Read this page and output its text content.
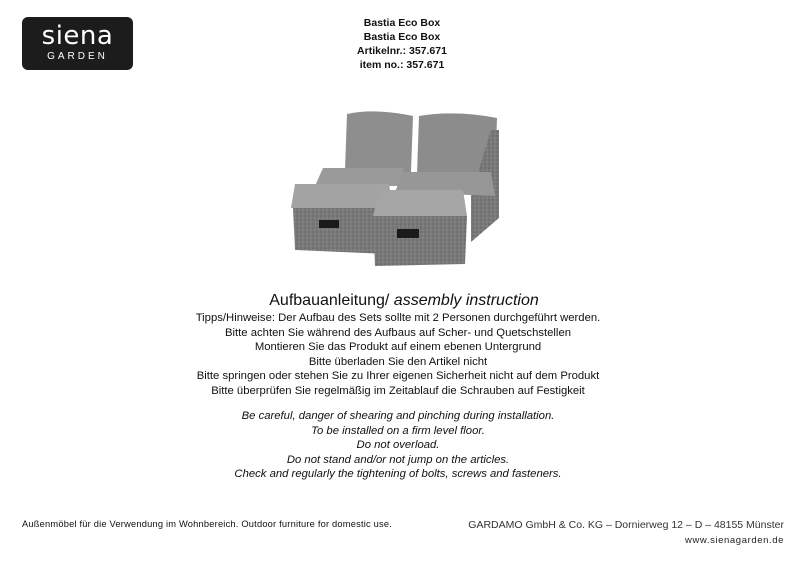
siena
GARDEN
Bastia Eco Box
Bastia Eco Box
Artikelnr.: 357.671
item no.: 357.671
Aufbauanleitung/ assembly instruction
Tipps/Hinweise: Der Aufbau des Sets sollte mit 2 Personen durchgeführt werden.
Bitte achten Sie während des Aufbaus auf Scher- und Quetschstellen
Montieren Sie das Produkt auf einem ebenen Untergrund
Bitte überladen Sie den Artikel nicht
Bitte springen oder stehen Sie zu Ihrer eigenen Sicherheit nicht auf dem Produkt
Bitte überprüfen Sie regelmäßig im Zeitablauf die Schrauben auf Festigkeit
Be careful, danger of shearing and pinching during installation.
To be installed on a firm level floor.
Do not overload.
Do not stand and/or not jump on the articles.
Check and regularly the tightening of bolts, screws and fasteners.
Außenmöbel für die Verwendung im Wohnbereich. Outdoor furniture for domestic use.	GARDAMO GmbH & Co. KG – Dornierweg 12 – D – 48155 Münster
www.sienagarden.de
